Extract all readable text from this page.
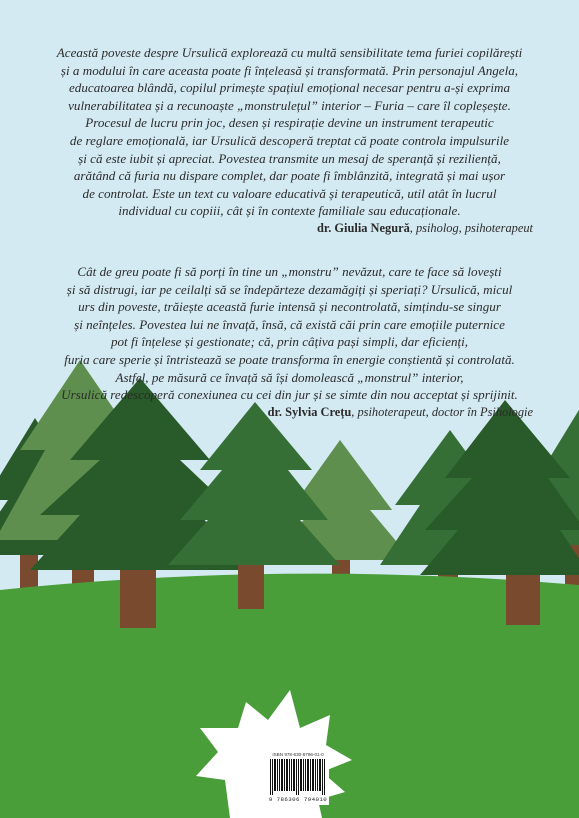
Această poveste despre Ursulică explorează cu multă sensibilitate tema furiei copilărești

și a modului în care aceasta poate fi înțeleasă și transformată. Prin personajul Angela,

educatoarea blândă, copilul primește spațiul emoțional necesar pentru a-și exprima

vulnerabilitatea și a recunoaște „monstrulețul” interior – Furia – care îl copleșește.

Procesul de lucru prin joc, desen și respirație devine un instrument terapeutic

de reglare emoțională, iar Ursulică descoperă treptat că poate controla impulsurile

și că este iubit și apreciat. Povestea transmite un mesaj de speranță și reziliență,

arătând că furia nu dispare complet, dar poate fi îmblânzită, integrată și mai ușor

de controlat. Este un text cu valoare educativă și terapeutică, util atât în lucrul

individual cu copiii, cât și în contexte familiale sau educaționale.

dr. Giulia Negură, psiholog, psihoterapeut

Cât de greu poate fi să porți în tine un „monstru” nevăzut, care te face să lovești

și să distrugi, iar pe ceilalți să se îndepărteze dezamăgiți și speriați? Ursulică, micul

urs din poveste, trăiește această furie intensă și necontrolată, simțindu-se singur

și neînțeles. Povestea lui ne învață, însă, că există căi prin care emoțiile puternice

pot fi înțelese și gestionate; că, prin câțiva pași simpli, dar eficienți,

furia care sperie și întristează se poate transforma în energie conștientă și controlată.

Astfel, pe măsură ce învață să își domolească „monstrul” interior,

Ursulică redescoperă conexiunea cu cei din jur și se simte din nou acceptat și sprijinit.

dr. Sylvia Crețu, psihoterapeut, doctor în Psihologie

ISBN 978-630-6796-01-0
9 786306 794010
